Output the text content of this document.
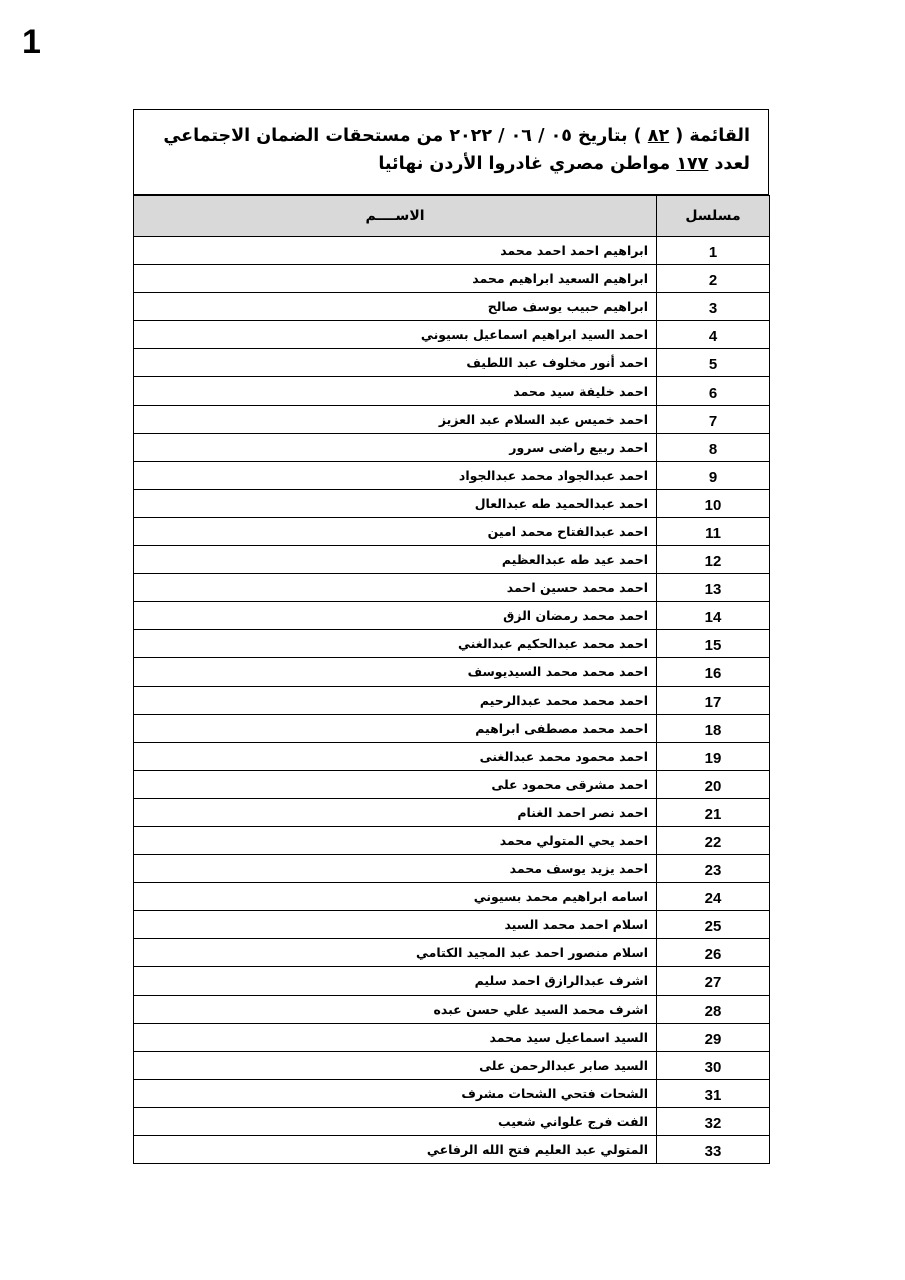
1
القائمة ( ٨٢ ) بتاريخ ٠٥ / ٠٦ / ٢٠٢٢ من مستحقات الضمان الاجتماعي
لعدد ١٧٧ مواطن مصري غادروا الأردن نهائيا
مسلسل	الاســــم
1	ابراهيم احمد احمد محمد
2	ابراهيم السعيد ابراهيم محمد
3	ابراهيم حبيب يوسف صالح
4	احمد السيد ابراهيم اسماعيل بسيوني
5	احمد أنور مخلوف عبد اللطيف
6	احمد خليفة سيد محمد
7	احمد خميس عبد السلام عبد العزيز
8	احمد ربيع راضى سرور
9	احمد عبدالجواد محمد عبدالجواد
10	احمد عبدالحميد طه عبدالعال
11	احمد عبدالفتاح محمد امين
12	احمد عيد طه عبدالعظيم
13	احمد محمد حسين احمد
14	احمد محمد رمضان الزق
15	احمد محمد عبدالحكيم عبدالغني
16	احمد محمد محمد السيديوسف
17	احمد محمد محمد عبدالرحيم
18	احمد محمد مصطفى ابراهيم
19	احمد محمود محمد عبدالغنى
20	احمد مشرقى محمود على
21	احمد نصر احمد الغنام
22	احمد يحي المتولي محمد
23	احمد يزيد يوسف محمد
24	اسامه ابراهيم محمد بسيوني
25	اسلام احمد محمد السيد
26	اسلام منصور احمد عبد المجيد الكتامي
27	اشرف عبدالرازق احمد سليم
28	اشرف محمد السيد علي حسن عبده
29	السيد اسماعيل سيد محمد
30	السيد صابر عبدالرحمن على
31	الشحات فتحي الشحات مشرف
32	الفت فرج علواني شعيب
33	المتولي عبد العليم فتح الله الرفاعي
